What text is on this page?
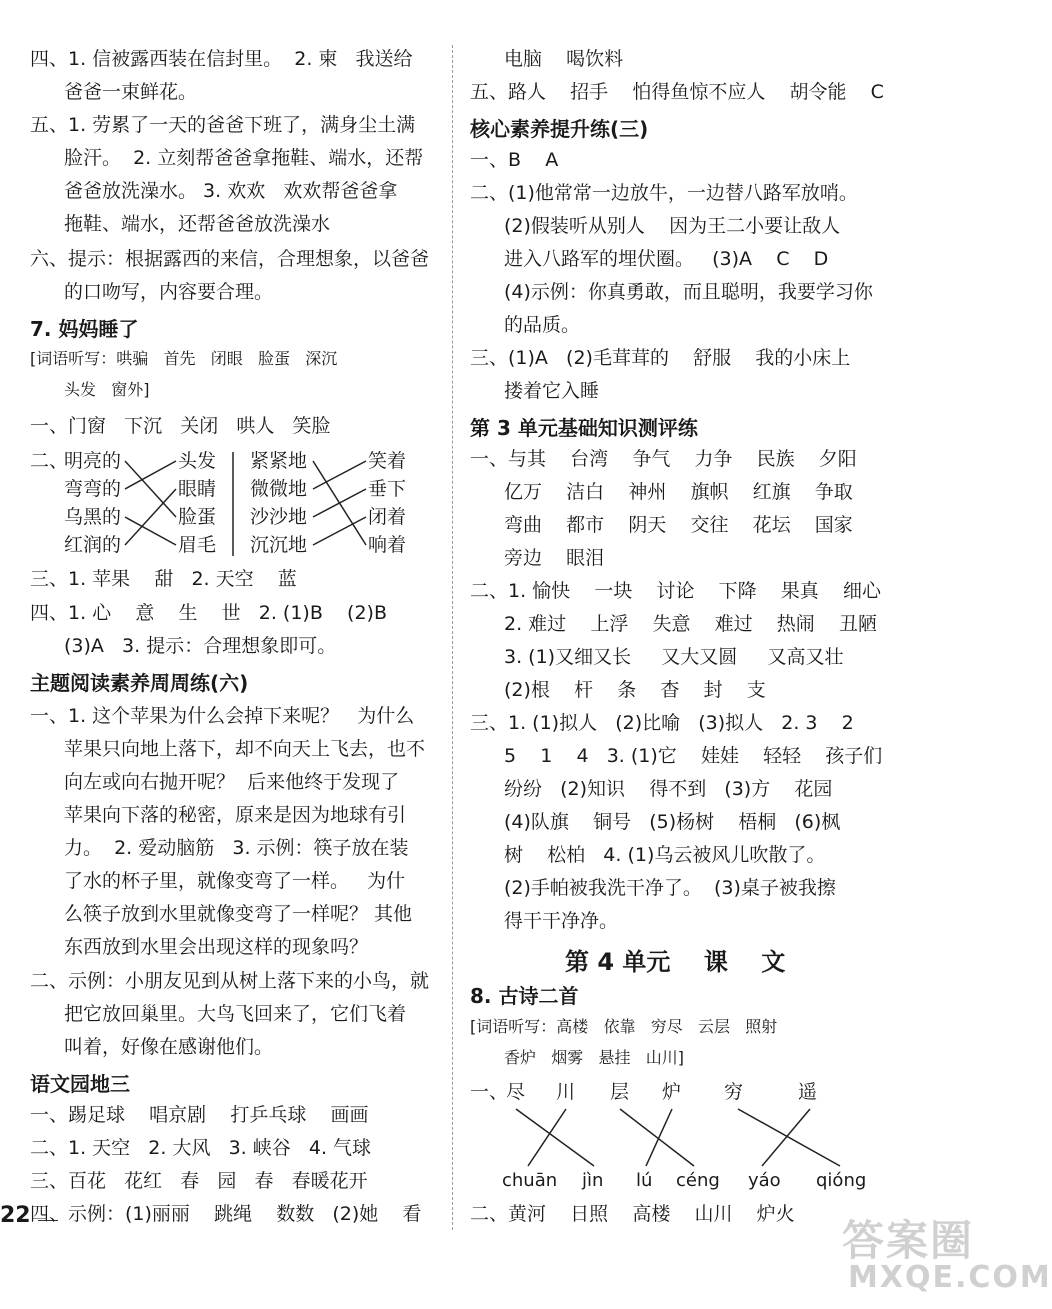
四、1. 信被露西装在信封里。  2. 柬   我送给
爸爸一束鲜花。
五、1. 劳累了一天的爸爸下班了，满身尘土满
脸汗。  2. 立刻帮爸爸拿拖鞋、端水，还帮
爸爸放洗澡水。 3. 欢欢   欢欢帮爸爸拿
拖鞋、端水，还帮爸爸放洗澡水
六、提示：根据露西的来信，合理想象，以爸爸
的口吻写，内容要合理。
7. 妈妈睡了
[词语听写：哄骗   首先   闭眼   脸蛋   深沉
头发   窗外]
一、门窗   下沉   关闭   哄人   笑脸
二、
明亮的
弯弯的
乌黑的
红润的
头发
眼睛
脸蛋
眉毛
紧紧地
微微地
沙沙地
沉沉地
笑着
垂下
闭着
响着
三、1. 苹果    甜   2. 天空    蓝
四、1. 心    意    生    世   2. (1)B    (2)B
(3)A   3. 提示：合理想象即可。
主题阅读素养周周练(六)
一、1. 这个苹果为什么会掉下来呢？   为什么
苹果只向地上落下，却不向天上飞去，也不
向左或向右抛开呢？  后来他终于发现了
苹果向下落的秘密，原来是因为地球有引
力。  2. 爱动脑筋   3. 示例：筷子放在装
了水的杯子里，就像变弯了一样。   为什
么筷子放到水里就像变弯了一样呢？ 其他
东西放到水里会出现这样的现象吗？
二、示例：小朋友见到从树上落下来的小鸟，就
把它放回巢里。大鸟飞回来了，它们飞着
叫着，好像在感谢他们。
语文园地三
一、踢足球    唱京剧    打乒乓球    画画
二、1. 天空   2. 大风   3. 峡谷   4. 气球
三、百花   花红   春   园   春   春暖花开
四、示例：(1)丽丽    跳绳    数数   (2)她    看
电脑    喝饮料
五、路人    招手    怕得鱼惊不应人    胡令能    C
核心素养提升练(三)
一、B    A
二、(1)他常常一边放牛，一边替八路军放哨。
(2)假装听从别人    因为王二小要让敌人
进入八路军的埋伏圈。   (3)A    C    D
(4)示例：你真勇敢，而且聪明，我要学习你
的品质。
三、(1)A   (2)毛茸茸的    舒服    我的小床上
搂着它入睡
第 3 单元基础知识测评练
一、与其    台湾    争气    力争    民族    夕阳
亿万    洁白    神州    旗帜    红旗    争取
弯曲    都市    阴天    交往    花坛    国家
旁边    眼泪
二、1. 愉快    一块    讨论    下降    果真    细心
2. 难过    上浮    失意    难过    热闹    丑陋
3. (1)又细又长     又大又圆     又高又壮
(2)根    杆    条    杳    封    支
三、1. (1)拟人   (2)比喻   (3)拟人   2. 3    2
5    1    4   3. (1)它    娃娃    轻轻    孩子们
纷纷   (2)知识    得不到   (3)方    花园
(4)队旗    铜号   (5)杨树    梧桐   (6)枫
树    松柏   4. (1)乌云被风儿吹散了。
(2)手帕被我洗干净了。  (3)桌子被我擦
得干干净净。
第 4 单元    课    文
8. 古诗二首
[词语听写：高楼   依靠   穷尽   云层   照射
香炉   烟雾   悬挂   山川]
一、
尽 川 层 炉 穷	遥
chuān jìn lú céng yáo qióng
二、黄河    日照    高楼    山川    炉火
22
答案圈
MXQE.COM
